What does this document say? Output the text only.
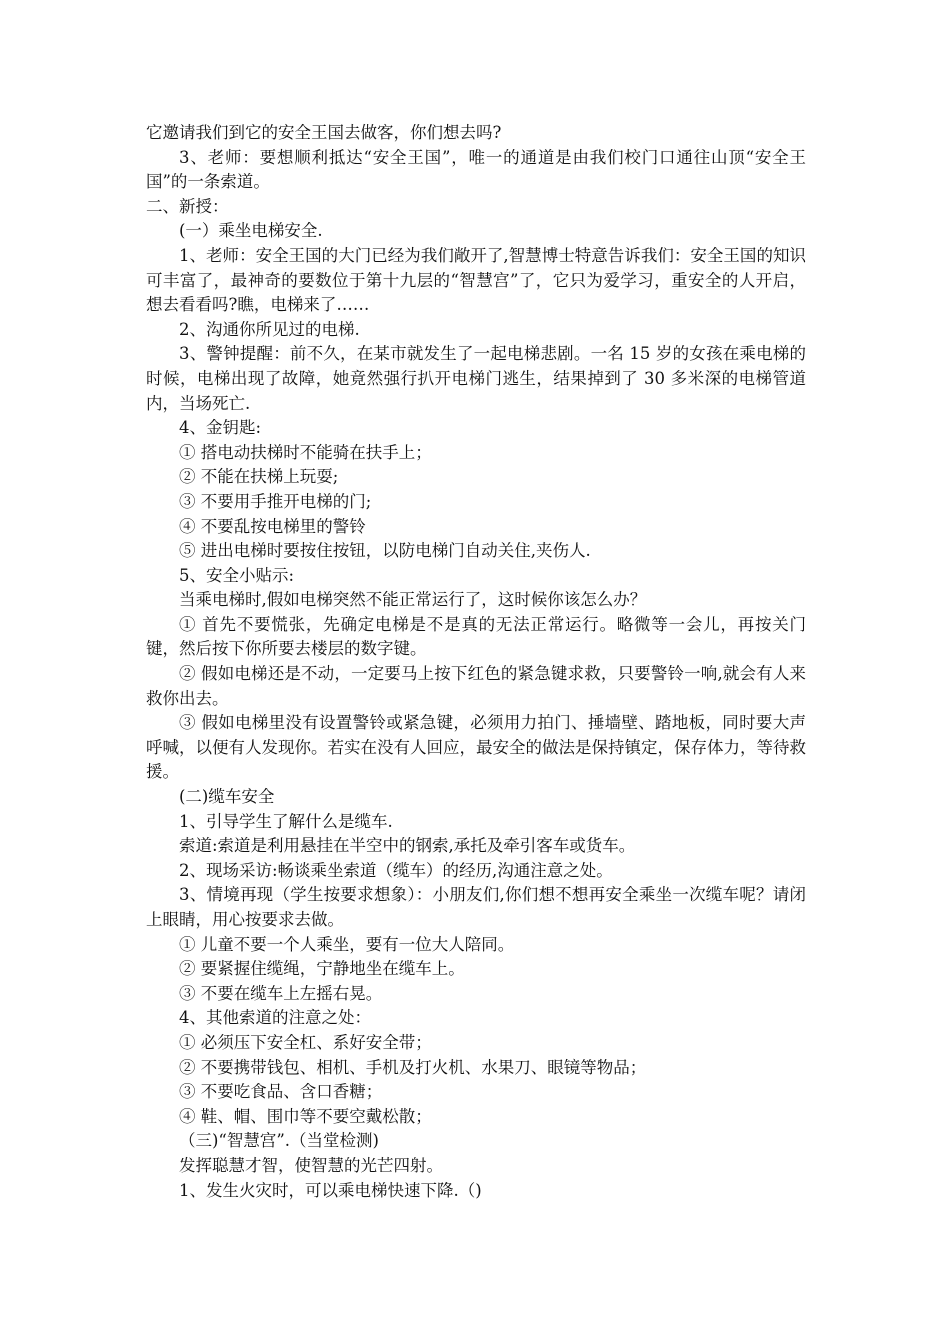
它邀请我们到它的安全王国去做客，你们想去吗?

3、老师：要想顺利抵达“安全王国”，唯一的通道是由我们校门口通往山顶“安全王国”的一条索道。

二、新授：

(一）乘坐电梯安全.

1、老师：安全王国的大门已经为我们敞开了,智慧博士特意告诉我们：安全王国的知识可丰富了，最神奇的要数位于第十九层的“智慧宫”了，它只为爱学习，重安全的人开启，想去看看吗?瞧，电梯来了……

2、沟通你所见过的电梯.

3、警钟提醒：前不久，在某市就发生了一起电梯悲剧。一名 15 岁的女孩在乘电梯的时候，电梯出现了故障，她竟然强行扒开电梯门逃生，结果掉到了 30 多米深的电梯管道内，当场死亡.

4、金钥匙:

① 搭电动扶梯时不能骑在扶手上；

② 不能在扶梯上玩耍;

③ 不要用手推开电梯的门;

④ 不要乱按电梯里的警铃

⑤ 进出电梯时要按住按钮，以防电梯门自动关住,夹伤人.

5、安全小贴示:

当乘电梯时,假如电梯突然不能正常运行了，这时候你该怎么办？

① 首先不要慌张，先确定电梯是不是真的无法正常运行。略微等一会儿，再按关门键，然后按下你所要去楼层的数字键。

② 假如电梯还是不动，一定要马上按下红色的紧急键求救，只要警铃一响,就会有人来救你出去。

③ 假如电梯里没有设置警铃或紧急键，必须用力拍门、捶墙壁、踏地板，同时要大声呼喊，以便有人发现你。若实在没有人回应，最安全的做法是保持镇定，保存体力，等待救援。

(二)缆车安全

1、引导学生了解什么是缆车.

索道:索道是利用悬挂在半空中的钢索,承托及牵引客车或货车。

2、现场采访:畅谈乘坐索道（缆车）的经历,沟通注意之处。

3、情境再现（学生按要求想象）：小朋友们,你们想不想再安全乘坐一次缆车呢？请闭上眼睛，用心按要求去做。

① 儿童不要一个人乘坐，要有一位大人陪同。

② 要紧握住缆绳，宁静地坐在缆车上。

③ 不要在缆车上左摇右晃。

4、其他索道的注意之处：

① 必须压下安全杠、系好安全带；

② 不要携带钱包、相机、手机及打火机、水果刀、眼镜等物品；

③ 不要吃食品、含口香糖；

④ 鞋、帽、围巾等不要空戴松散；

（三)“智慧宫”.（当堂检测)

发挥聪慧才智，使智慧的光芒四射。

1、发生火灾时，可以乘电梯快速下降.（)
